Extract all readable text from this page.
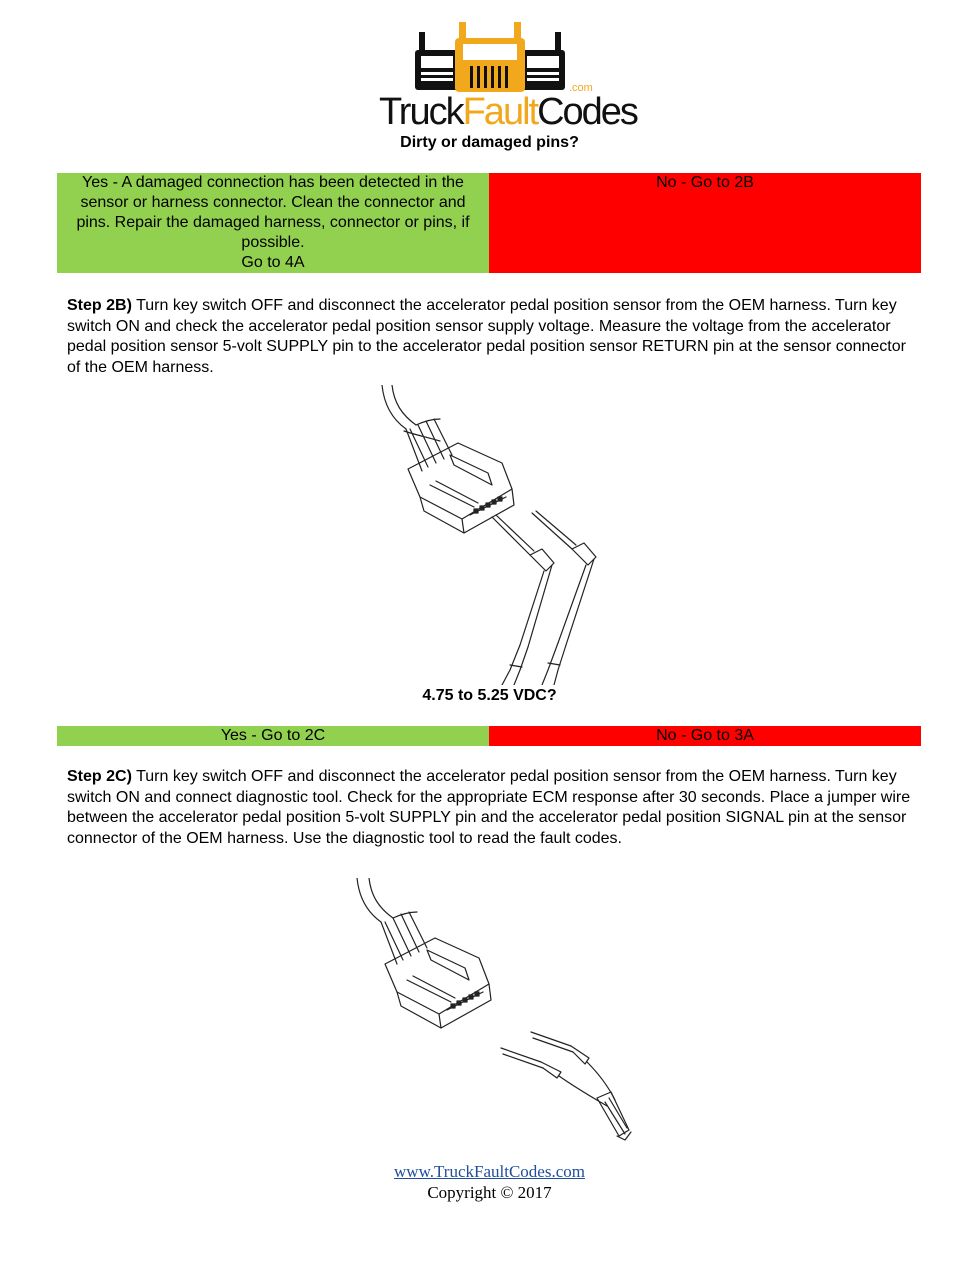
TruckFaultCodes
.com
Dirty or damaged pins?
Yes - A damaged connection has been detected in the sensor or harness connector. Clean the connector and pins. Repair the damaged harness, connector or pins, if possible.
Go to 4A
No - Go to 2B
Step 2B) Turn key switch OFF and disconnect the accelerator pedal position sensor from the OEM harness. Turn key switch ON and check the accelerator pedal position sensor supply voltage. Measure the voltage from the accelerator pedal position sensor 5-volt SUPPLY pin to the accelerator pedal position sensor RETURN pin at the sensor connector of the OEM harness.
4.75 to 5.25 VDC?
Yes - Go to 2C	No - Go to 3A
Step 2C) Turn key switch OFF and disconnect the accelerator pedal position sensor from the OEM harness. Turn key switch ON and connect diagnostic tool. Check for the appropriate ECM response after 30 seconds. Place a jumper wire between the accelerator pedal position 5-volt SUPPLY pin and the accelerator pedal position SIGNAL pin at the sensor connector of the OEM harness. Use the diagnostic tool to read the fault codes.
www.TruckFaultCodes.com
Copyright © 2017
